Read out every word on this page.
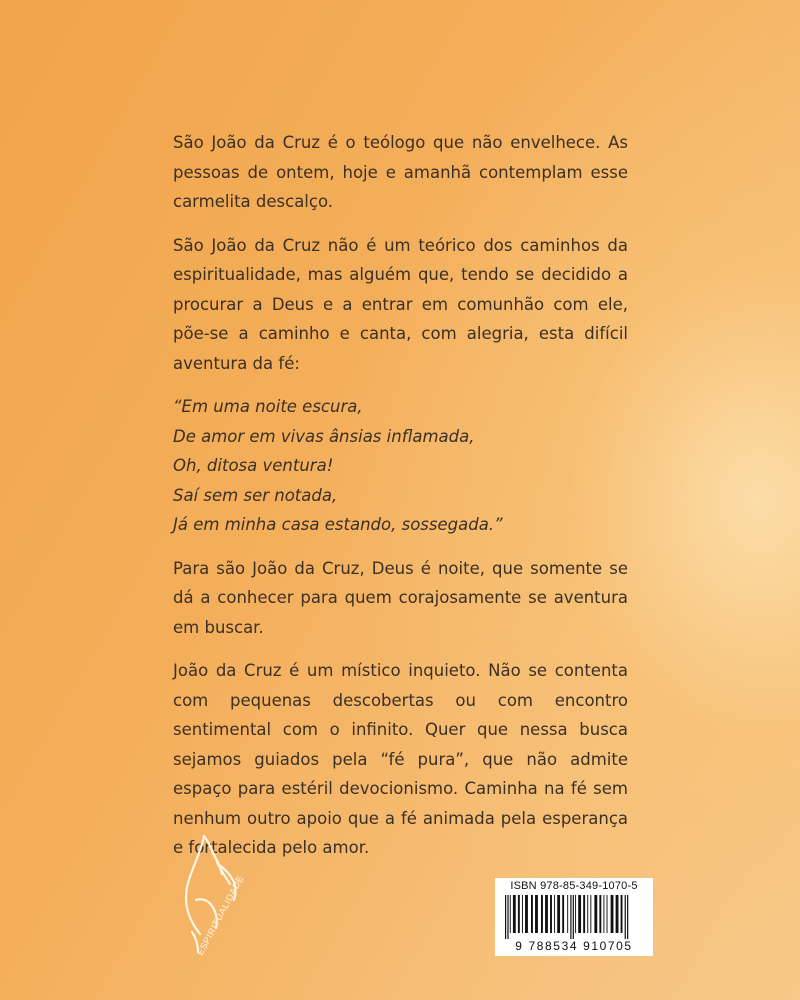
São João da Cruz é o teólogo que não envelhece. As pessoas de ontem, hoje e amanhã contemplam esse carmelita descalço.

São João da Cruz não é um teórico dos caminhos da espiritualidade, mas alguém que, tendo se decidido a procurar a Deus e a entrar em comunhão com ele, põe-se a caminho e canta, com alegria, esta difícil aventura da fé:

“Em uma noite escura,
De amor em vivas ânsias inflamada,
Oh, ditosa ventura!
Saí sem ser notada,
Já em minha casa estando, sossegada.”

Para são João da Cruz, Deus é noite, que somente se dá a conhecer para quem corajosamente se aventura em buscar.

João da Cruz é um místico inquieto. Não se contenta com pequenas descobertas ou com encontro sentimental com o infinito. Quer que nessa busca sejamos guiados pela “fé pura”, que não admite espaço para estéril devocionismo. Caminha na fé sem nenhum outro apoio que a fé animada pela esperança e fortalecida pelo amor.

ESPIRITUALIDADE	ISBN 978-85-349-1070-5
9 788534 910705
